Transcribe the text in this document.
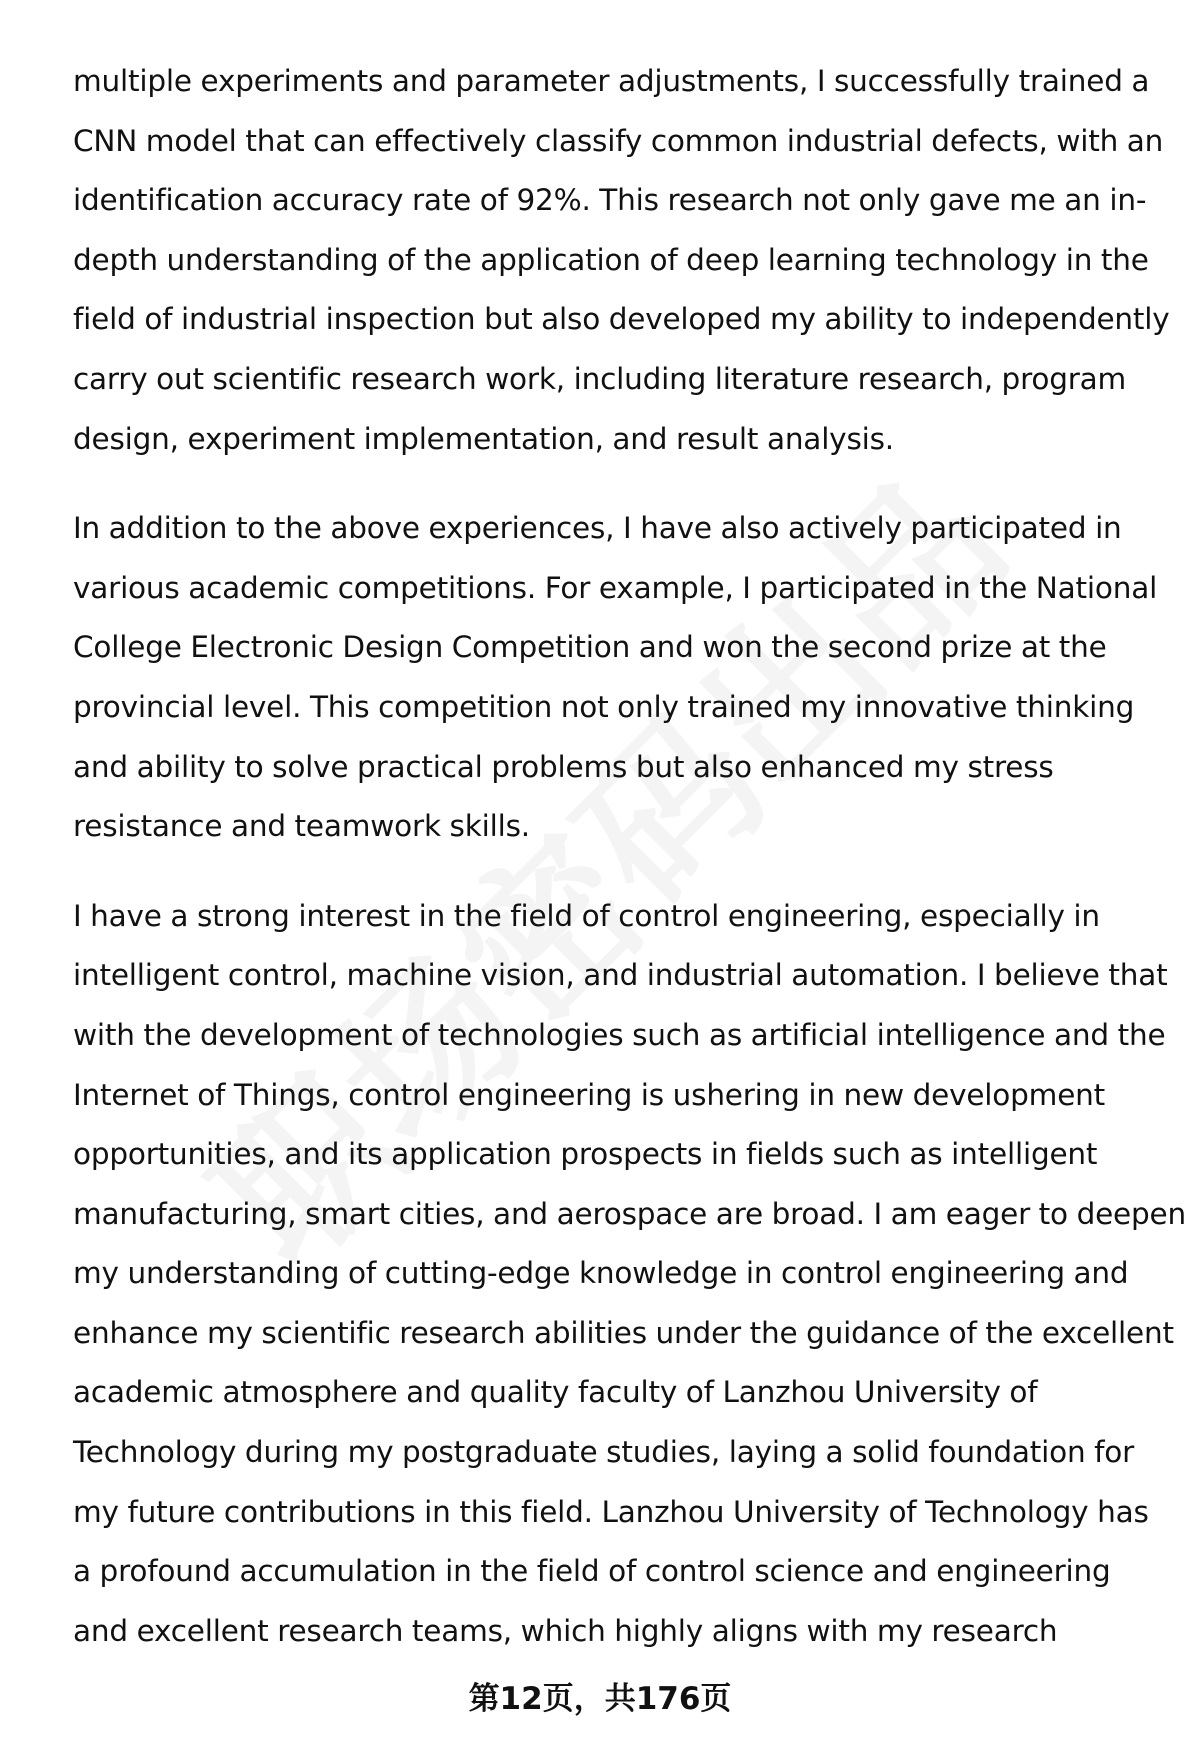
multiple experiments and parameter adjustments, I successfully trained a
CNN model that can effectively classify common industrial defects, with an
identification accuracy rate of 92%. This research not only gave me an in-
depth understanding of the application of deep learning technology in the
field of industrial inspection but also developed my ability to independently
carry out scientific research work, including literature research, program
design, experiment implementation, and result analysis.

In addition to the above experiences, I have also actively participated in
various academic competitions. For example, I participated in the National
College Electronic Design Competition and won the second prize at the
provincial level. This competition not only trained my innovative thinking
and ability to solve practical problems but also enhanced my stress
resistance and teamwork skills.

I have a strong interest in the field of control engineering, especially in
intelligent control, machine vision, and industrial automation. I believe that
with the development of technologies such as artificial intelligence and the
Internet of Things, control engineering is ushering in new development
opportunities, and its application prospects in fields such as intelligent
manufacturing, smart cities, and aerospace are broad. I am eager to deepen
my understanding of cutting-edge knowledge in control engineering and
enhance my scientific research abilities under the guidance of the excellent
academic atmosphere and quality faculty of Lanzhou University of
Technology during my postgraduate studies, laying a solid foundation for
my future contributions in this field. Lanzhou University of Technology has
a profound accumulation in the field of control science and engineering
and excellent research teams, which highly aligns with my research

第12页，共176页
